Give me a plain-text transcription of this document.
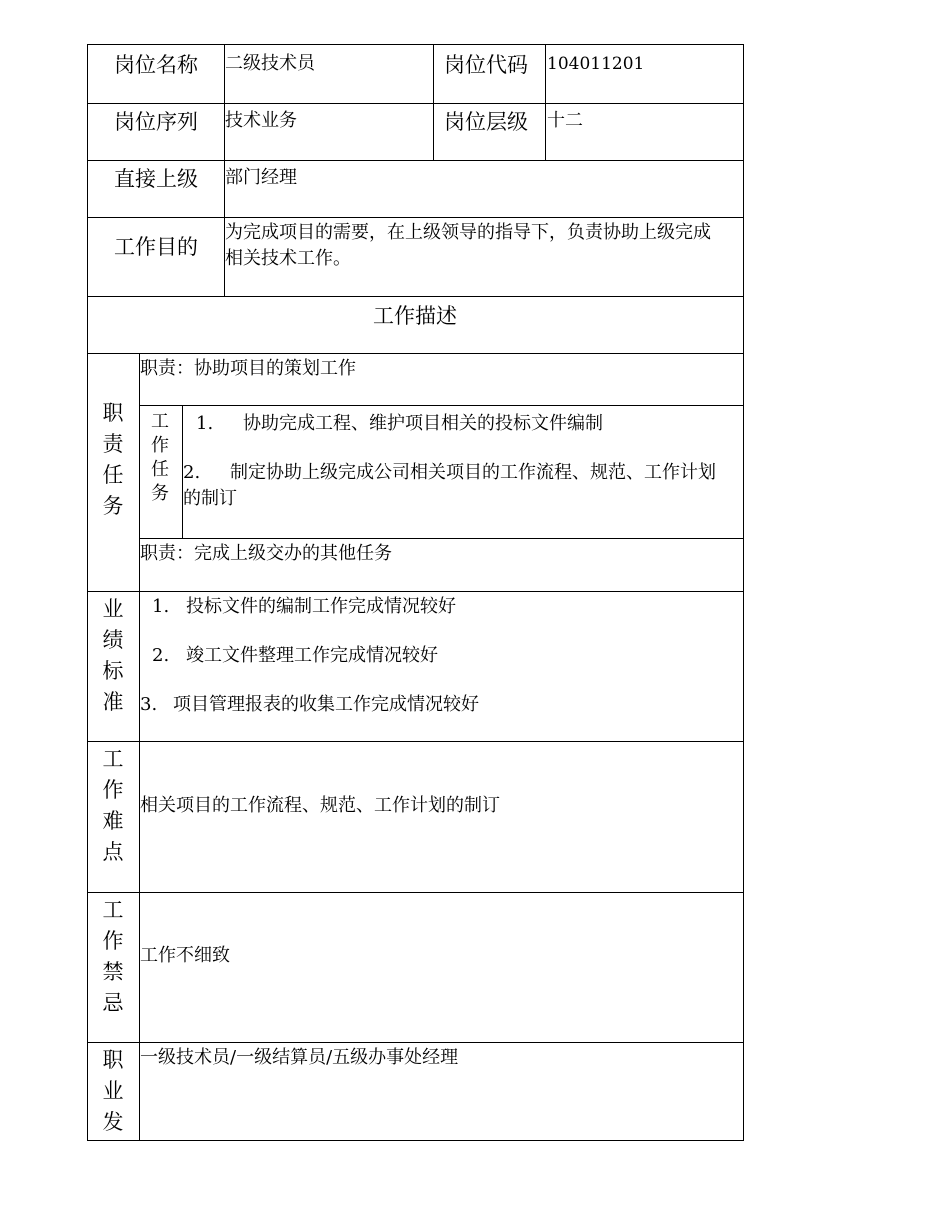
岗位名称 二级技术员	岗位代码 104011201
岗位序列 技术业务	岗位层级 十二
直接上级 部门经理
工作目的
为完成项目的需要，在上级领导的指导下，负责协助上级完成
相关技术工作。
工作描述
职
责
任
务
职责：协助项目的策划工作
工
作
任
务
1. 协助完成工程、维护项目相关的投标文件编制
2. 制定协助上级完成公司相关项目的工作流程、规范、工作计划
的制订
职责：完成上级交办的其他任务
业
绩
标
准
1. 投标文件的编制工作完成情况较好
2. 竣工文件整理工作完成情况较好
3. 项目管理报表的收集工作完成情况较好
工
作
难
点
相关项目的工作流程、规范、工作计划的制订
工
作
禁
忌
工作不细致
职
业
发
一级技术员/一级结算员/五级办事处经理
